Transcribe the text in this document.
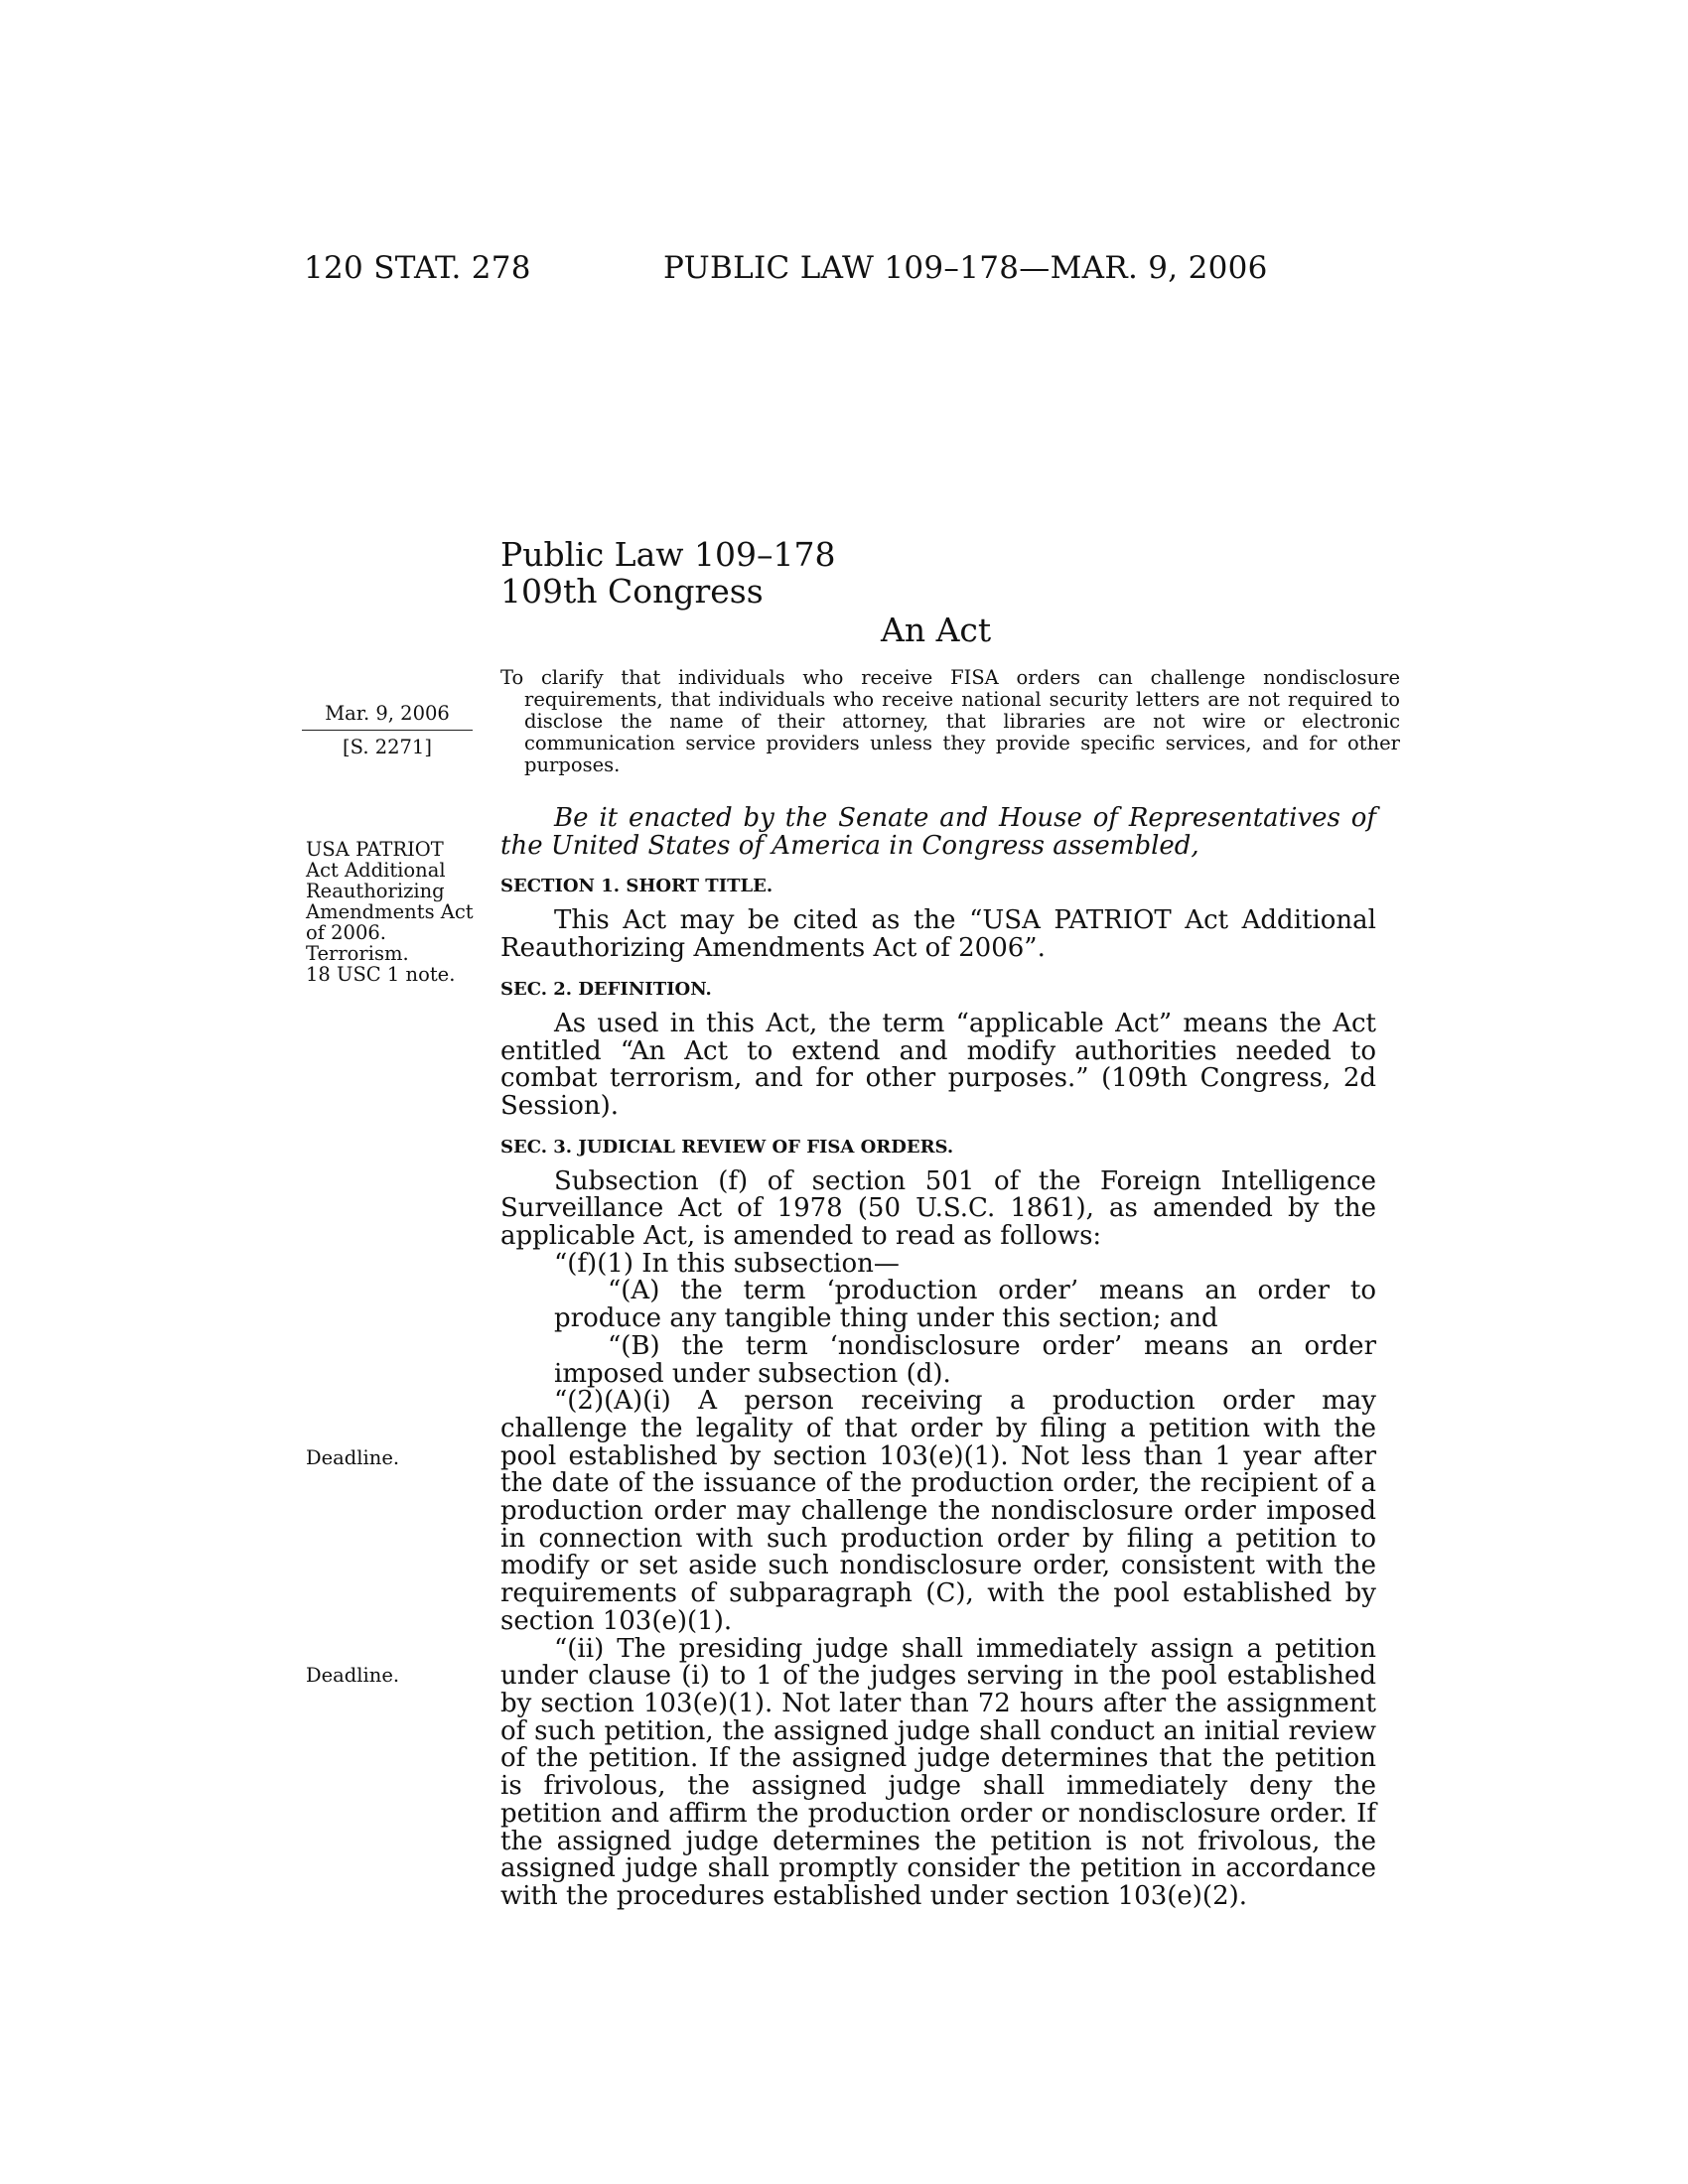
120 STAT. 278	PUBLIC LAW 109–178—MAR. 9, 2006
Public Law 109–178
109th Congress
An Act
To clarify that individuals who receive FISA orders can challenge nondisclosure requirements, that individuals who receive national security letters are not required to disclose the name of their attorney, that libraries are not wire or electronic communication service providers unless they provide specific services, and for other purposes.
Mar. 9, 2006
[S. 2271]
USA PATRIOT
Act Additional
Reauthorizing
Amendments Act
of 2006.
Terrorism.
18 USC 1 note.
Deadline.
Deadline.

Be it enacted by the Senate and House of Representatives of the United States of America in Congress assembled,

SECTION 1. SHORT TITLE.

This Act may be cited as the “USA PATRIOT Act Additional Reauthorizing Amendments Act of 2006”.

SEC. 2. DEFINITION.

As used in this Act, the term “applicable Act” means the Act entitled “An Act to extend and modify authorities needed to combat terrorism, and for other purposes.” (109th Congress, 2d Session).

SEC. 3. JUDICIAL REVIEW OF FISA ORDERS.

Subsection (f) of section 501 of the Foreign Intelligence Surveillance Act of 1978 (50 U.S.C. 1861), as amended by the applicable Act, is amended to read as follows:

“(f)(1) In this subsection—

“(A) the term ‘production order’ means an order to produce any tangible thing under this section; and

“(B) the term ‘nondisclosure order’ means an order imposed under subsection (d).

“(2)(A)(i) A person receiving a production order may challenge the legality of that order by filing a petition with the pool established by section 103(e)(1). Not less than 1 year after the date of the issuance of the production order, the recipient of a production order may challenge the nondisclosure order imposed in connection with such production order by filing a petition to modify or set aside such nondisclosure order, consistent with the requirements of subparagraph (C), with the pool established by section 103(e)(1).

“(ii) The presiding judge shall immediately assign a petition under clause (i) to 1 of the judges serving in the pool established by section 103(e)(1). Not later than 72 hours after the assignment of such petition, the assigned judge shall conduct an initial review of the petition. If the assigned judge determines that the petition is frivolous, the assigned judge shall immediately deny the petition and affirm the production order or nondisclosure order. If the assigned judge determines the petition is not frivolous, the assigned judge shall promptly consider the petition in accordance with the procedures established under section 103(e)(2).
